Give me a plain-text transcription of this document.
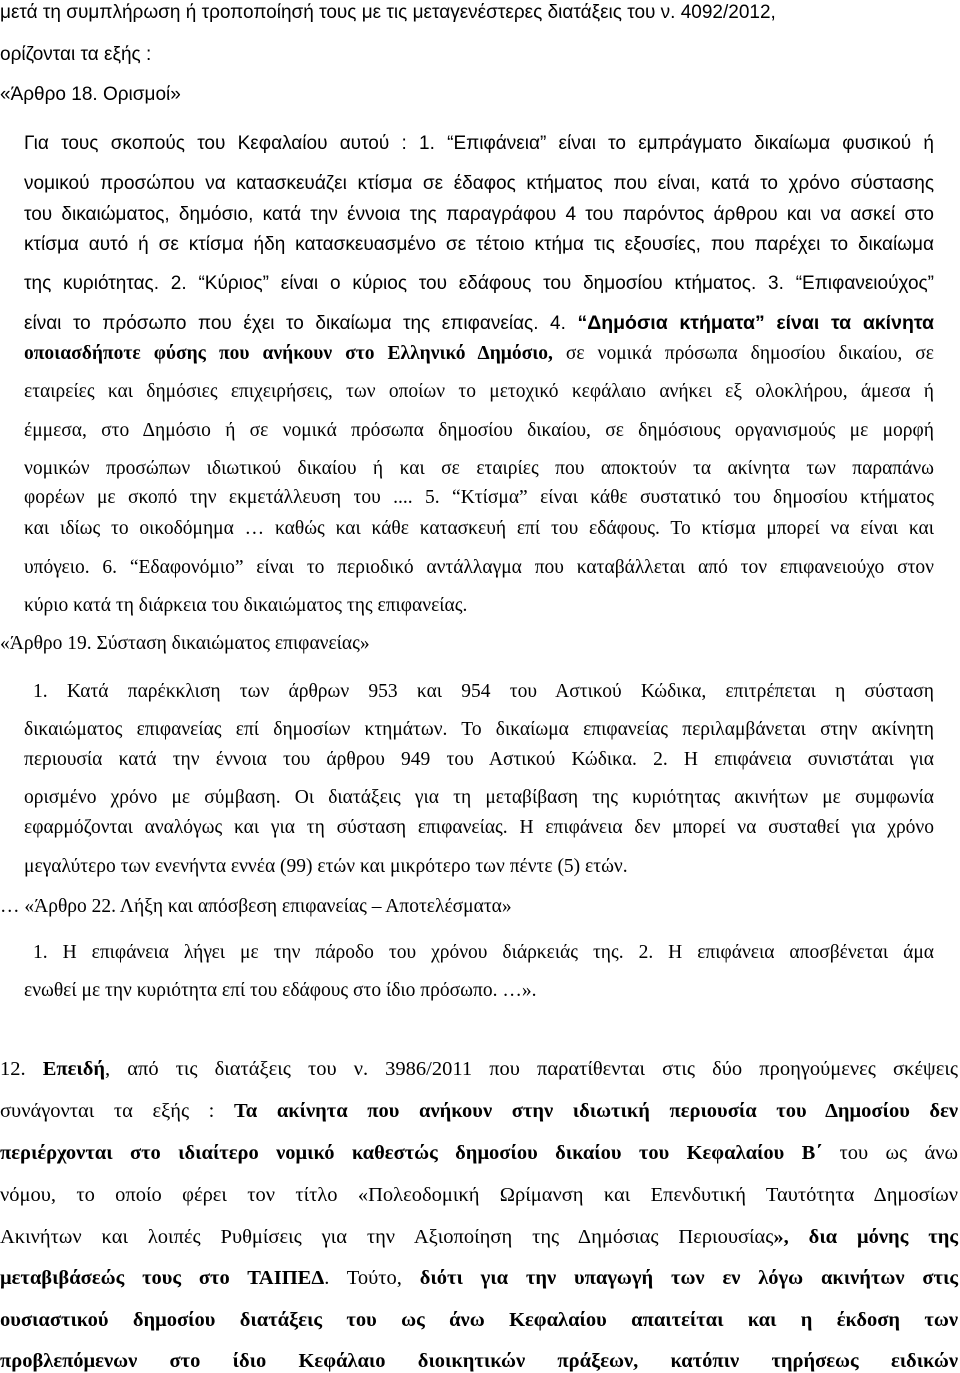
μετά τη συμπλήρωση ή τροποποίησή τους με τις μεταγενέστερες διατάξεις του ν. 4092/2012,
ορίζονται τα εξής :
«Άρθρο 18. Ορισμοί»
Για τους σκοπούς του Κεφαλαίου αυτού : 1. “Επιφάνεια” είναι το εμπράγματο δικαίωμα φυσικού ή
νομικού προσώπου να κατασκευάζει κτίσμα σε έδαφος κτήματος που είναι, κατά το χρόνο σύστασης
του δικαιώματος, δημόσιο, κατά την έννοια της παραγράφου 4 του παρόντος άρθρου και να ασκεί στο
κτίσμα αυτό ή σε κτίσμα ήδη κατασκευασμένο σε τέτοιο κτήμα τις εξουσίες, που παρέχει το δικαίωμα
της κυριότητας. 2. “Κύριος” είναι ο κύριος του εδάφους του δημοσίου κτήματος. 3. “Επιφανειούχος”
είναι το πρόσωπο που έχει το δικαίωμα της επιφανείας. 4. “Δημόσια κτήματα” είναι τα ακίνητα
οποιασδήποτε φύσης που ανήκουν στο Ελληνικό Δημόσιο, σε νομικά πρόσωπα δημοσίου δικαίου, σε
εταιρείες και δημόσιες επιχειρήσεις, των οποίων το μετοχικό κεφάλαιο ανήκει εξ ολοκλήρου, άμεσα ή
έμμεσα, στο Δημόσιο ή σε νομικά πρόσωπα δημοσίου δικαίου, σε δημόσιους οργανισμούς με μορφή
νομικών προσώπων ιδιωτικού δικαίου ή και σε εταιρίες που αποκτούν τα ακίνητα των παραπάνω
φορέων με σκοπό την εκμετάλλευση του .... 5. “Κτίσμα” είναι κάθε συστατικό του δημοσίου κτήματος
και ιδίως το οικοδόμημα … καθώς και κάθε κατασκευή επί του εδάφους. Το κτίσμα μπορεί να είναι και
υπόγειο. 6. “Εδαφονόμιο” είναι το περιοδικό αντάλλαγμα που καταβάλλεται από τον επιφανειούχο στον
κύριο κατά τη διάρκεια του δικαιώματος της επιφανείας.
«Άρθρο 19. Σύσταση δικαιώματος επιφανείας»
1. Κατά παρέκκλιση των άρθρων 953 και 954 του Αστικού Κώδικα, επιτρέπεται η σύσταση
δικαιώματος επιφανείας επί δημοσίων κτημάτων. Το δικαίωμα επιφανείας περιλαμβάνεται στην ακίνητη
περιουσία κατά την έννοια του άρθρου 949 του Αστικού Κώδικα. 2. Η επιφάνεια συνιστάται για
ορισμένο χρόνο με σύμβαση. Οι διατάξεις για τη μεταβίβαση της κυριότητας ακινήτων με συμφωνία
εφαρμόζονται αναλόγως και για τη σύσταση επιφανείας. Η επιφάνεια δεν μπορεί να συσταθεί για χρόνο
μεγαλύτερο των ενενήντα εννέα (99) ετών και μικρότερο των πέντε (5) ετών.
… «Άρθρο 22. Λήξη και απόσβεση επιφανείας – Αποτελέσματα»
1. Η επιφάνεια λήγει με την πάροδο του χρόνου διάρκειάς της. 2. Η επιφάνεια αποσβένεται άμα
ενωθεί με την κυριότητα επί του εδάφους στο ίδιο πρόσωπο. …».
12. Επειδή, από τις διατάξεις του ν. 3986/2011 που παρατίθενται στις δύο προηγούμενες σκέψεις
συνάγονται τα εξής : Τα ακίνητα που ανήκουν στην ιδιωτική περιουσία του Δημοσίου δεν
περιέρχονται στο ιδιαίτερο νομικό καθεστώς δημοσίου δικαίου του Κεφαλαίου Β΄ του ως άνω
νόμου, το οποίο φέρει τον τίτλο «Πολεοδομική Ωρίμανση και Επενδυτική Ταυτότητα Δημοσίων
Ακινήτων και λοιπές Ρυθμίσεις για την Αξιοποίηση της Δημόσιας Περιουσίας», δια μόνης της
μεταβιβάσεώς τους στο ΤΑΙΠΕΔ. Τούτο, διότι για την υπαγωγή των εν λόγω ακινήτων στις
ουσιαστικού δημοσίου διατάξεις του ως άνω Κεφαλαίου απαιτείται και η έκδοση των
προβλεπόμενων στο ίδιο Κεφάλαιο διοικητικών πράξεων, κατόπιν τηρήσεως ειδικών
